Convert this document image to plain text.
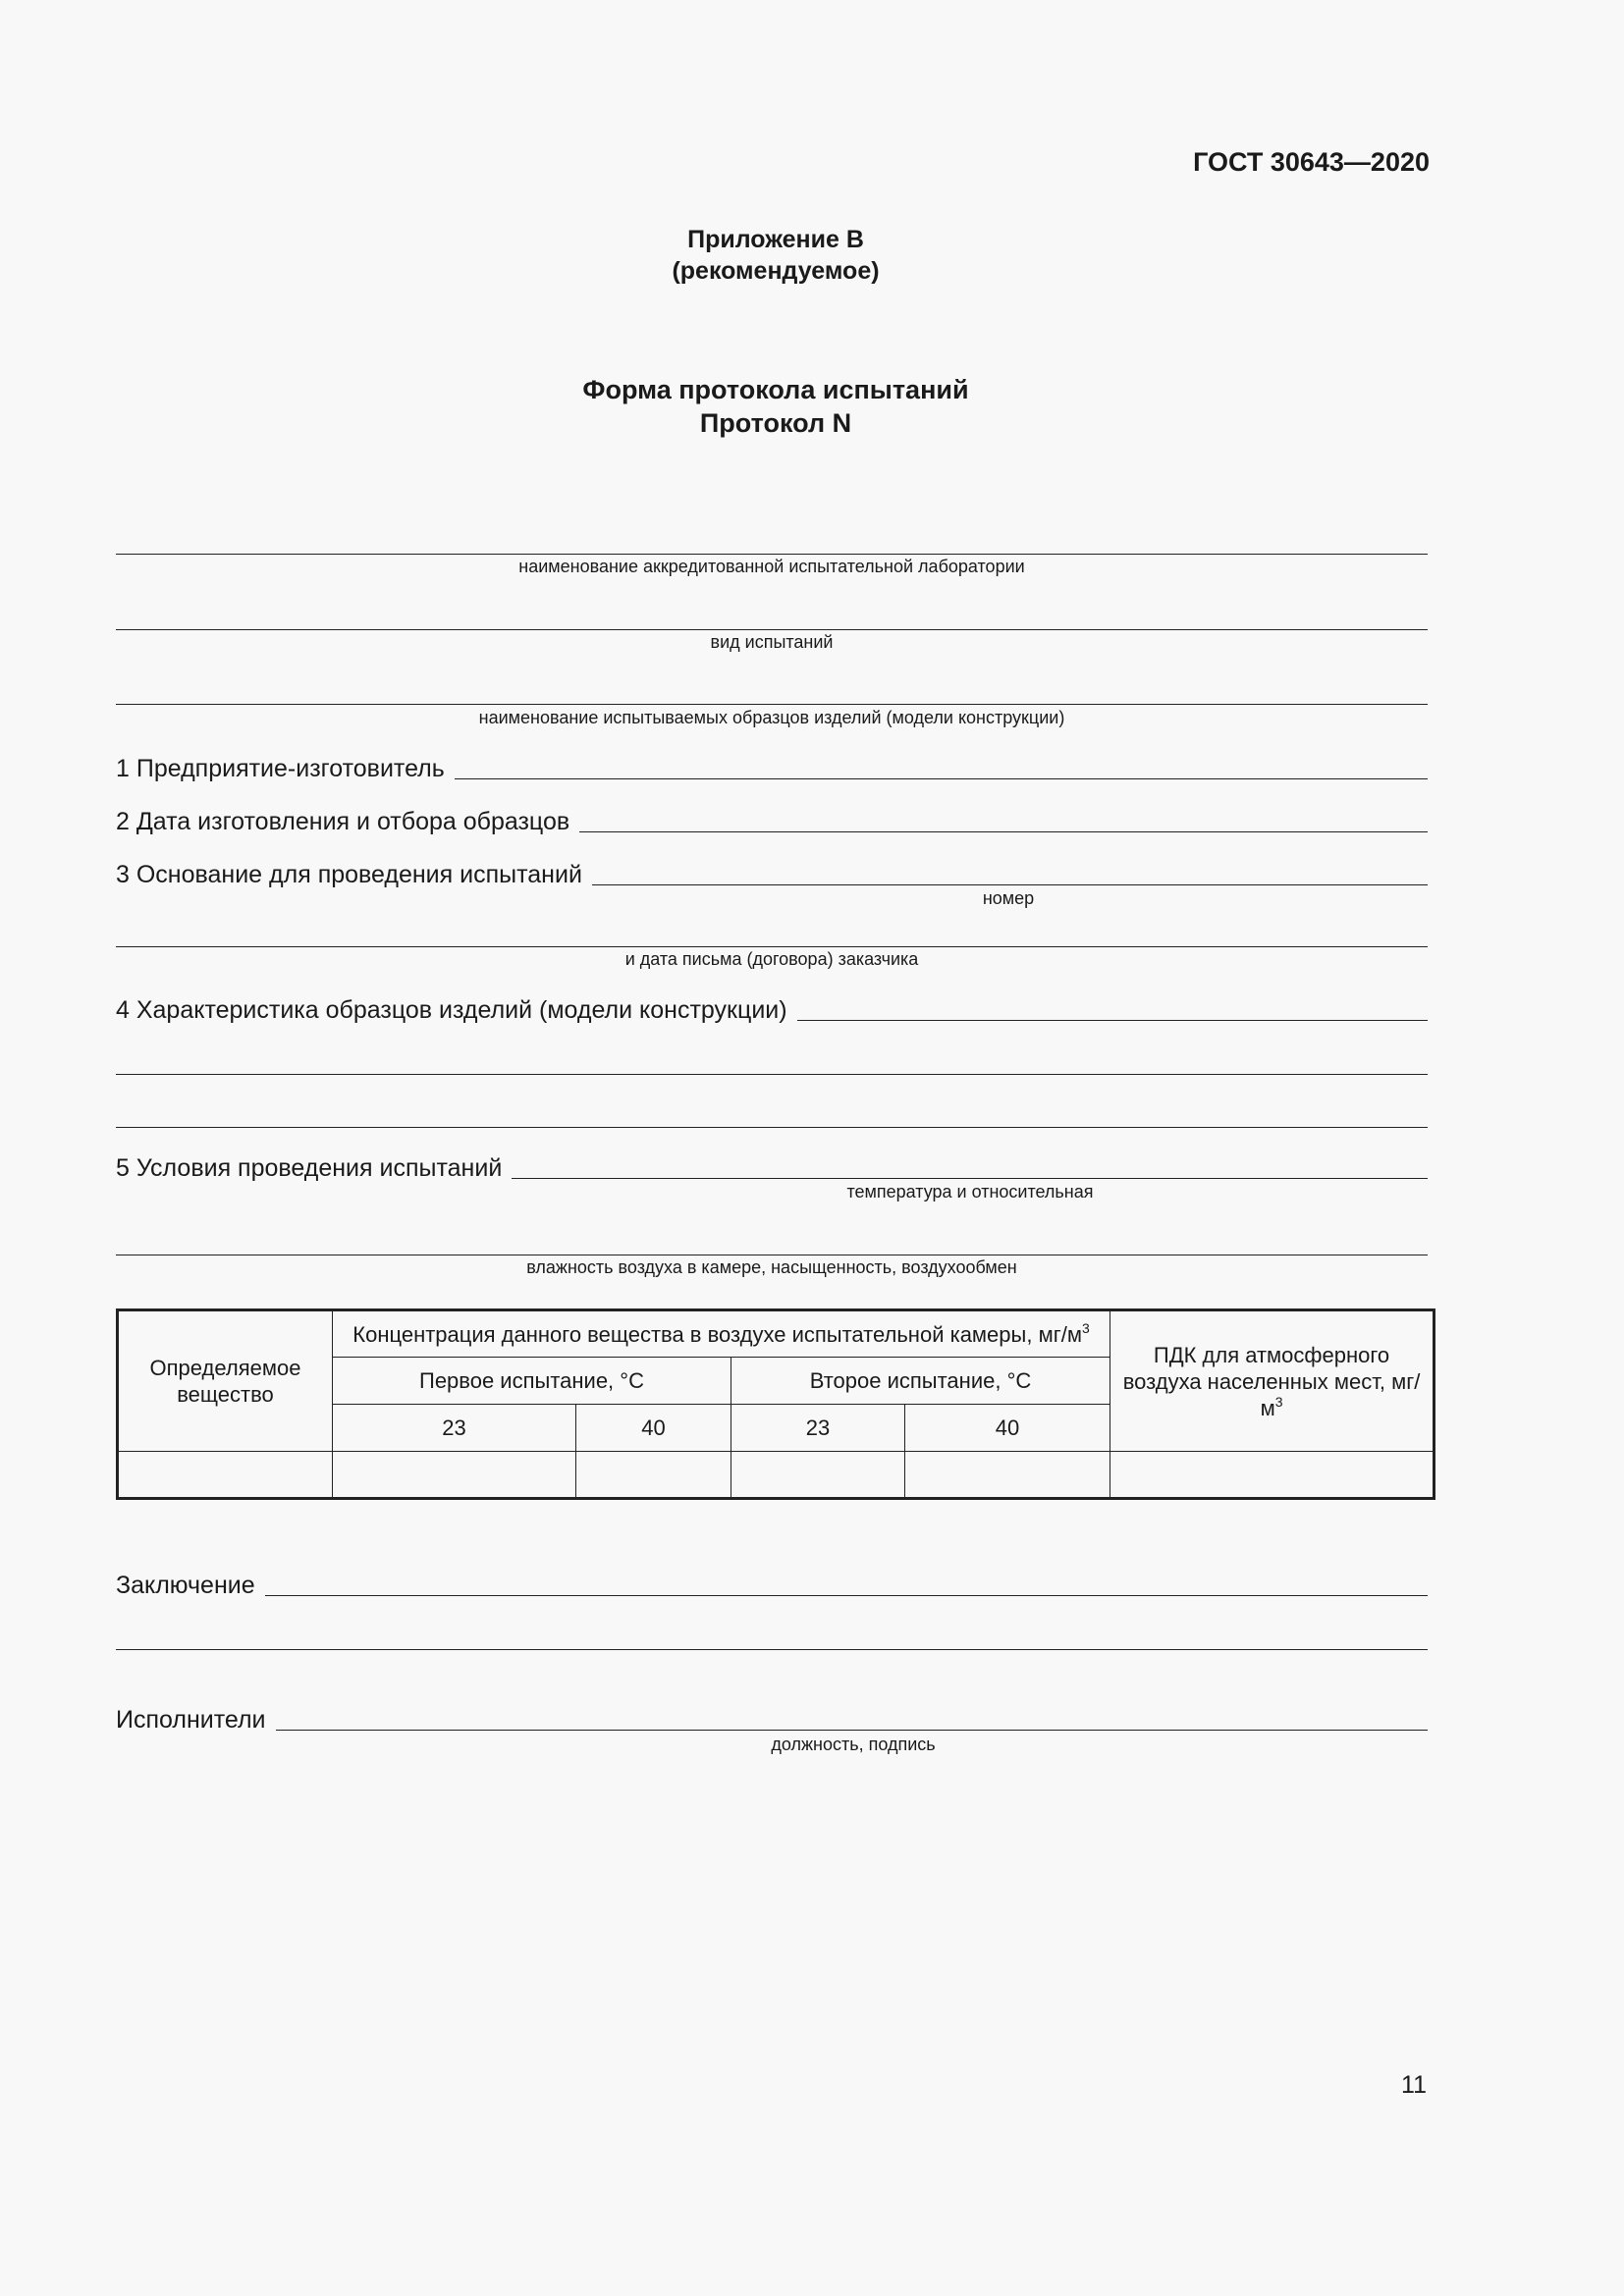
ГОСТ 30643—2020
Приложение В
(рекомендуемое)
Форма протокола испытаний
Протокол N
наименование аккредитованной испытательной лаборатории
вид испытаний
наименование испытываемых образцов изделий (модели конструкции)
1 Предприятие-изготовитель
2 Дата изготовления и отбора образцов
3 Основание для проведения испытаний
номер
и дата письма (договора) заказчика
4 Характеристика образцов изделий (модели конструкции)
5 Условия проведения испытаний
температура и относительная
влажность воздуха в камере, насыщенность, воздухообмен
Определяемое вещество	Концентрация данного вещества в воздухе испытательной камеры, $мг/м^3$				ПДК для атмосферного воздуха населенных мест, $мг/м^3$
	Первое испытание, °С		Второе испытание, °С		
	23	40	23	40	

Заключение
Исполнители
должность, подпись
11
